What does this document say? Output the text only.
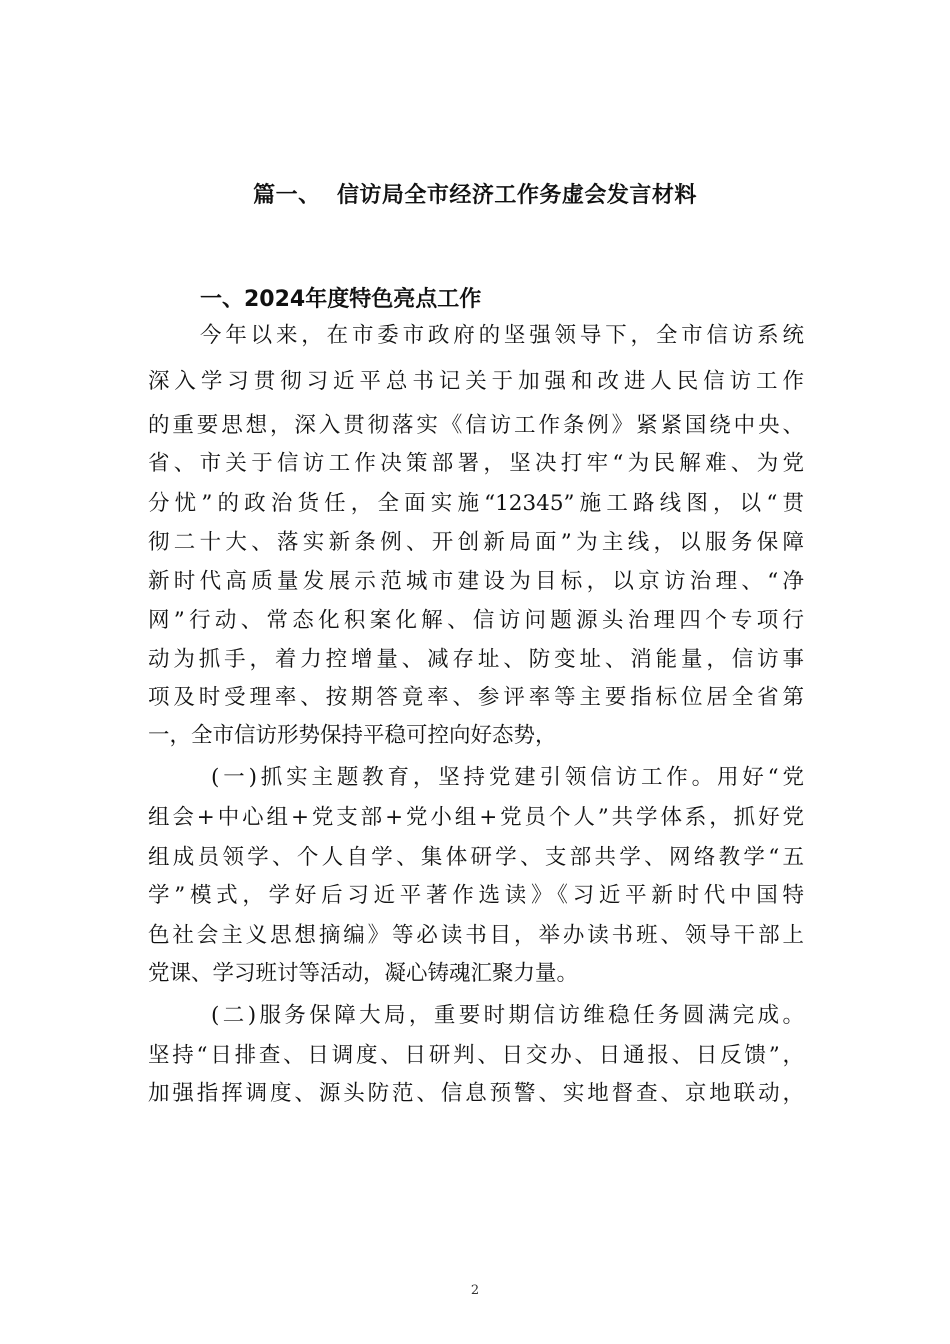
篇一、  信访局全市经济工作务虚会发言材料
一、2024年度特色亮点工作
今年以来，在市委市政府的坚强领导下，全市信访系统
深入学习贯彻习近平总书记关于加强和改进人民信访工作
的重要思想，深入贯彻落实《信访工作条例》紧紧国绕中央、
省、市关于信访工作决策部署，坚决打牢“为民解难、为党
分忧”的政治货任，全面实施“12345”施工路线图，以“贯
彻二十大、落实新条例、开创新局面”为主线，以服务保障
新时代高质量发展示范城市建设为目标，以京访治理、“净
网”行动、常态化积案化解、信访问题源头治理四个专项行
动为抓手，着力控增量、减存址、防变址、消能量，信访事
项及时受理率、按期答竟率、参评率等主要指标位居全省第
一，全市信访形势保持平稳可控向好态势，
(一)抓实主题教育，坚持党建引领信访工作。用好“党
组会+中心组+党支部+党小组+党员个人”共学体系，抓好党
组成员领学、个人自学、集体研学、支部共学、网络教学“五
学”模式，学好后习近平著作选读》《习近平新时代中国特
色社会主义思想摘编》等必读书目，举办读书班、领导干部上
党课、学习班讨等活动，凝心铸魂汇聚力量。
(二)服务保障大局，重要时期信访维稳任务圆满完成。
坚持“日排查、日调度、日研判、日交办、日通报、日反馈”，
加强指挥调度、源头防范、信息预警、实地督查、京地联动，
2
